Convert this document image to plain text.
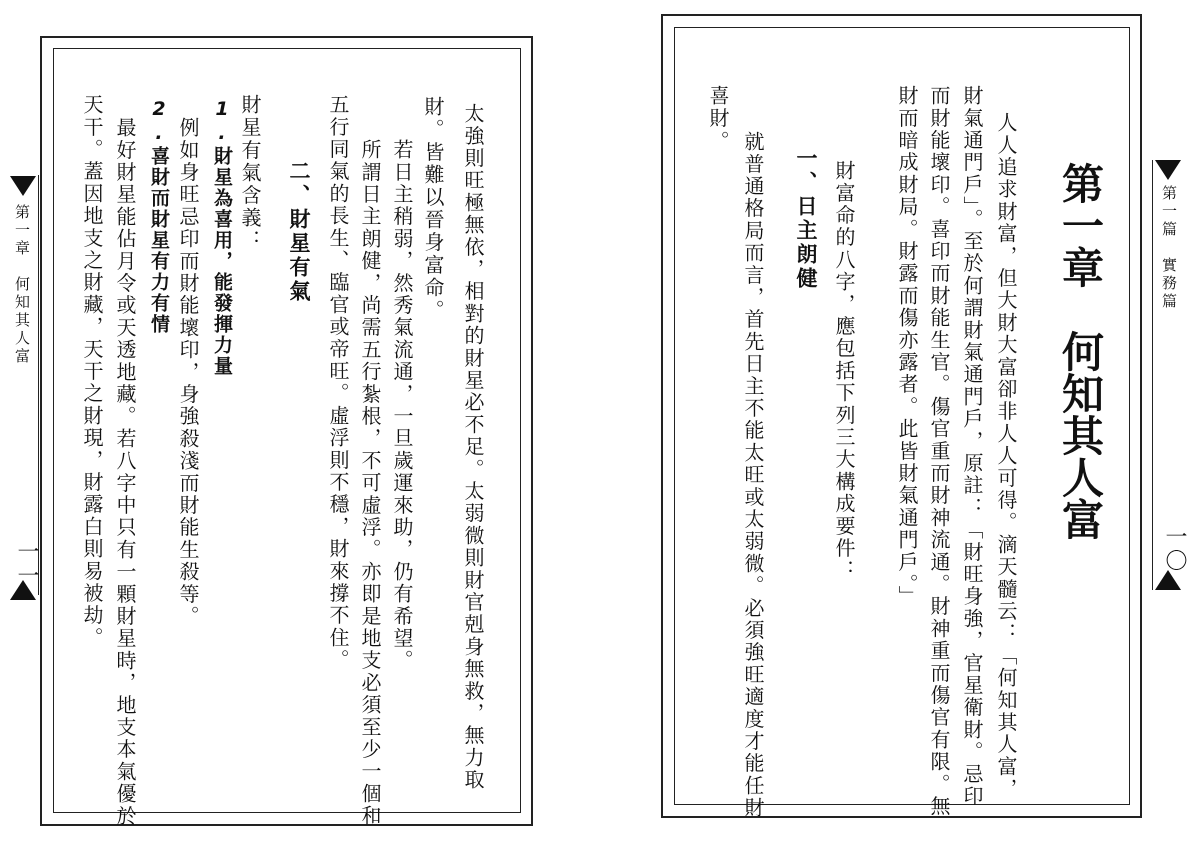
第一章　何知其人富
一一	太強則旺極無依，相對的財星必不足。太弱微則財官剋身無救，無力取
財。皆難以晉身富命。
若日主稍弱，然秀氣流通，一旦歲運來助，仍有希望。
所謂日主朗健，尚需五行紮根，不可虛浮。亦即是地支必須至少一個和
五行同氣的長生、臨官或帝旺。虛浮則不穩，財來撐不住。
二、財星有氣
財星有氣含義：
1.財星為喜用，能發揮力量
例如身旺忌印而財能壞印，身強殺淺而財能生殺等。
2.喜財而財星有力有情
最好財星能佔月令或天透地藏。若八字中只有一顆財星時，地支本氣優於
天干。蓋因地支之財藏，天干之財現，財露白則易被劫。	第一篇　實務篇
一〇
第一章　何知其人富
人人追求財富，但大財大富卻非人人可得。滴天髓云：「何知其人富，
財氣通門戶」。至於何謂財氣通門戶，原註：「財旺身強，官星衛財。忌印
而財能壞印。喜印而財能生官。傷官重而財神流通。財神重而傷官有限。無
財而暗成財局。財露而傷亦露者。此皆財氣通門戶。」
財富命的八字，應包括下列三大構成要件：
一、日主朗健
就普通格局而言，首先日主不能太旺或太弱微。必須強旺適度才能任財
喜財。
